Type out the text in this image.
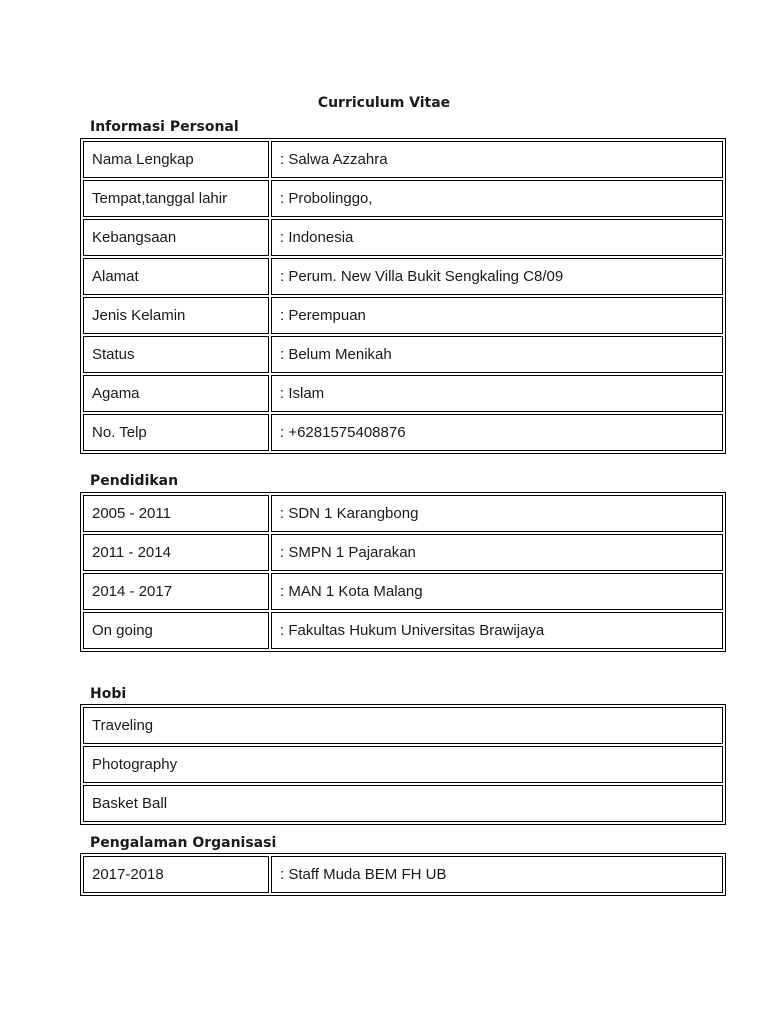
Curriculum Vitae
Informasi Personal
Nama Lengkap	: Salwa Azzahra
Tempat,tanggal lahir	: Probolinggo,
Kebangsaan	: Indonesia
Alamat	: Perum. New Villa Bukit Sengkaling C8/09
Jenis Kelamin	: Perempuan
Status	: Belum Menikah
Agama	: Islam
No. Telp	: +6281575408876
Pendidikan
2005 - 2011	: SDN 1 Karangbong
2011 - 2014	: SMPN 1 Pajarakan
2014 - 2017	: MAN 1 Kota Malang
On going	: Fakultas Hukum Universitas Brawijaya
Hobi
Traveling
Photography
Basket Ball
Pengalaman Organisasi
2017-2018	: Staff Muda BEM FH UB
